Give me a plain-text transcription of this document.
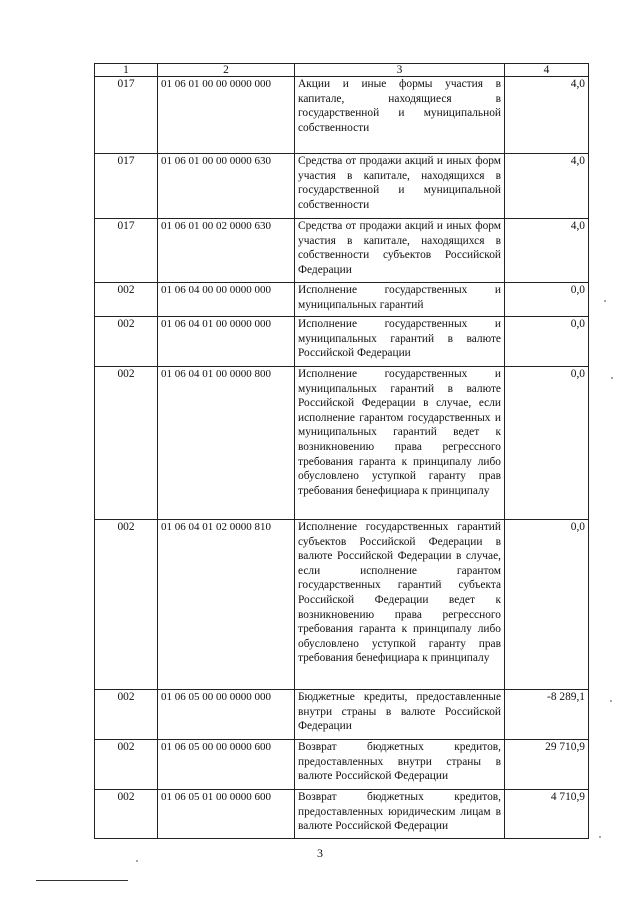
1	2	3	4
017	01 06 01 00 00 0000 000	Акции и иные формы участия в капитале, находящиеся в государственной и муниципальной собственности	4,0
017	01 06 01 00 00 0000 630	Средства от продажи акций и иных форм участия в капитале, находящихся в государственной и муниципальной собственности	4,0
017	01 06 01 00 02 0000 630	Средства от продажи акций и иных форм участия в капитале, находящихся в собственности субъектов Российской Федерации	4,0
002	01 06 04 00 00 0000 000	Исполнение государственных и муниципальных гарантий	0,0
002	01 06 04 01 00 0000 000	Исполнение государственных и муниципальных гарантий в валюте Российской Федерации	0,0
002	01 06 04 01 00 0000 800	Исполнение государственных и муниципальных гарантий в валюте Российской Федерации в случае, если исполнение гарантом государственных и муниципальных гарантий ведет к возникновению права регрессного требования гаранта к принципалу либо обусловлено уступкой гаранту прав требования бенефициара к принципалу	0,0
002	01 06 04 01 02 0000 810	Исполнение государственных гарантий субъектов Российской Федерации в валюте Российской Федерации в случае, если исполнение гарантом государственных гарантий субъекта Российской Федерации ведет к возникновению права регрессного требования гаранта к принципалу либо обусловлено уступкой гаранту прав требования бенефициара к принципалу	0,0
002	01 06 05 00 00 0000 000	Бюджетные кредиты, предоставленные внутри страны в валюте Российской Федерации	-8 289,1
002	01 06 05 00 00 0000 600	Возврат бюджетных кредитов, предоставленных внутри страны в валюте Российской Федерации	29 710,9
002	01 06 05 01 00 0000 600	Возврат бюджетных кредитов, предоставленных юридическим лицам в валюте Российской Федерации	4 710,9
3
